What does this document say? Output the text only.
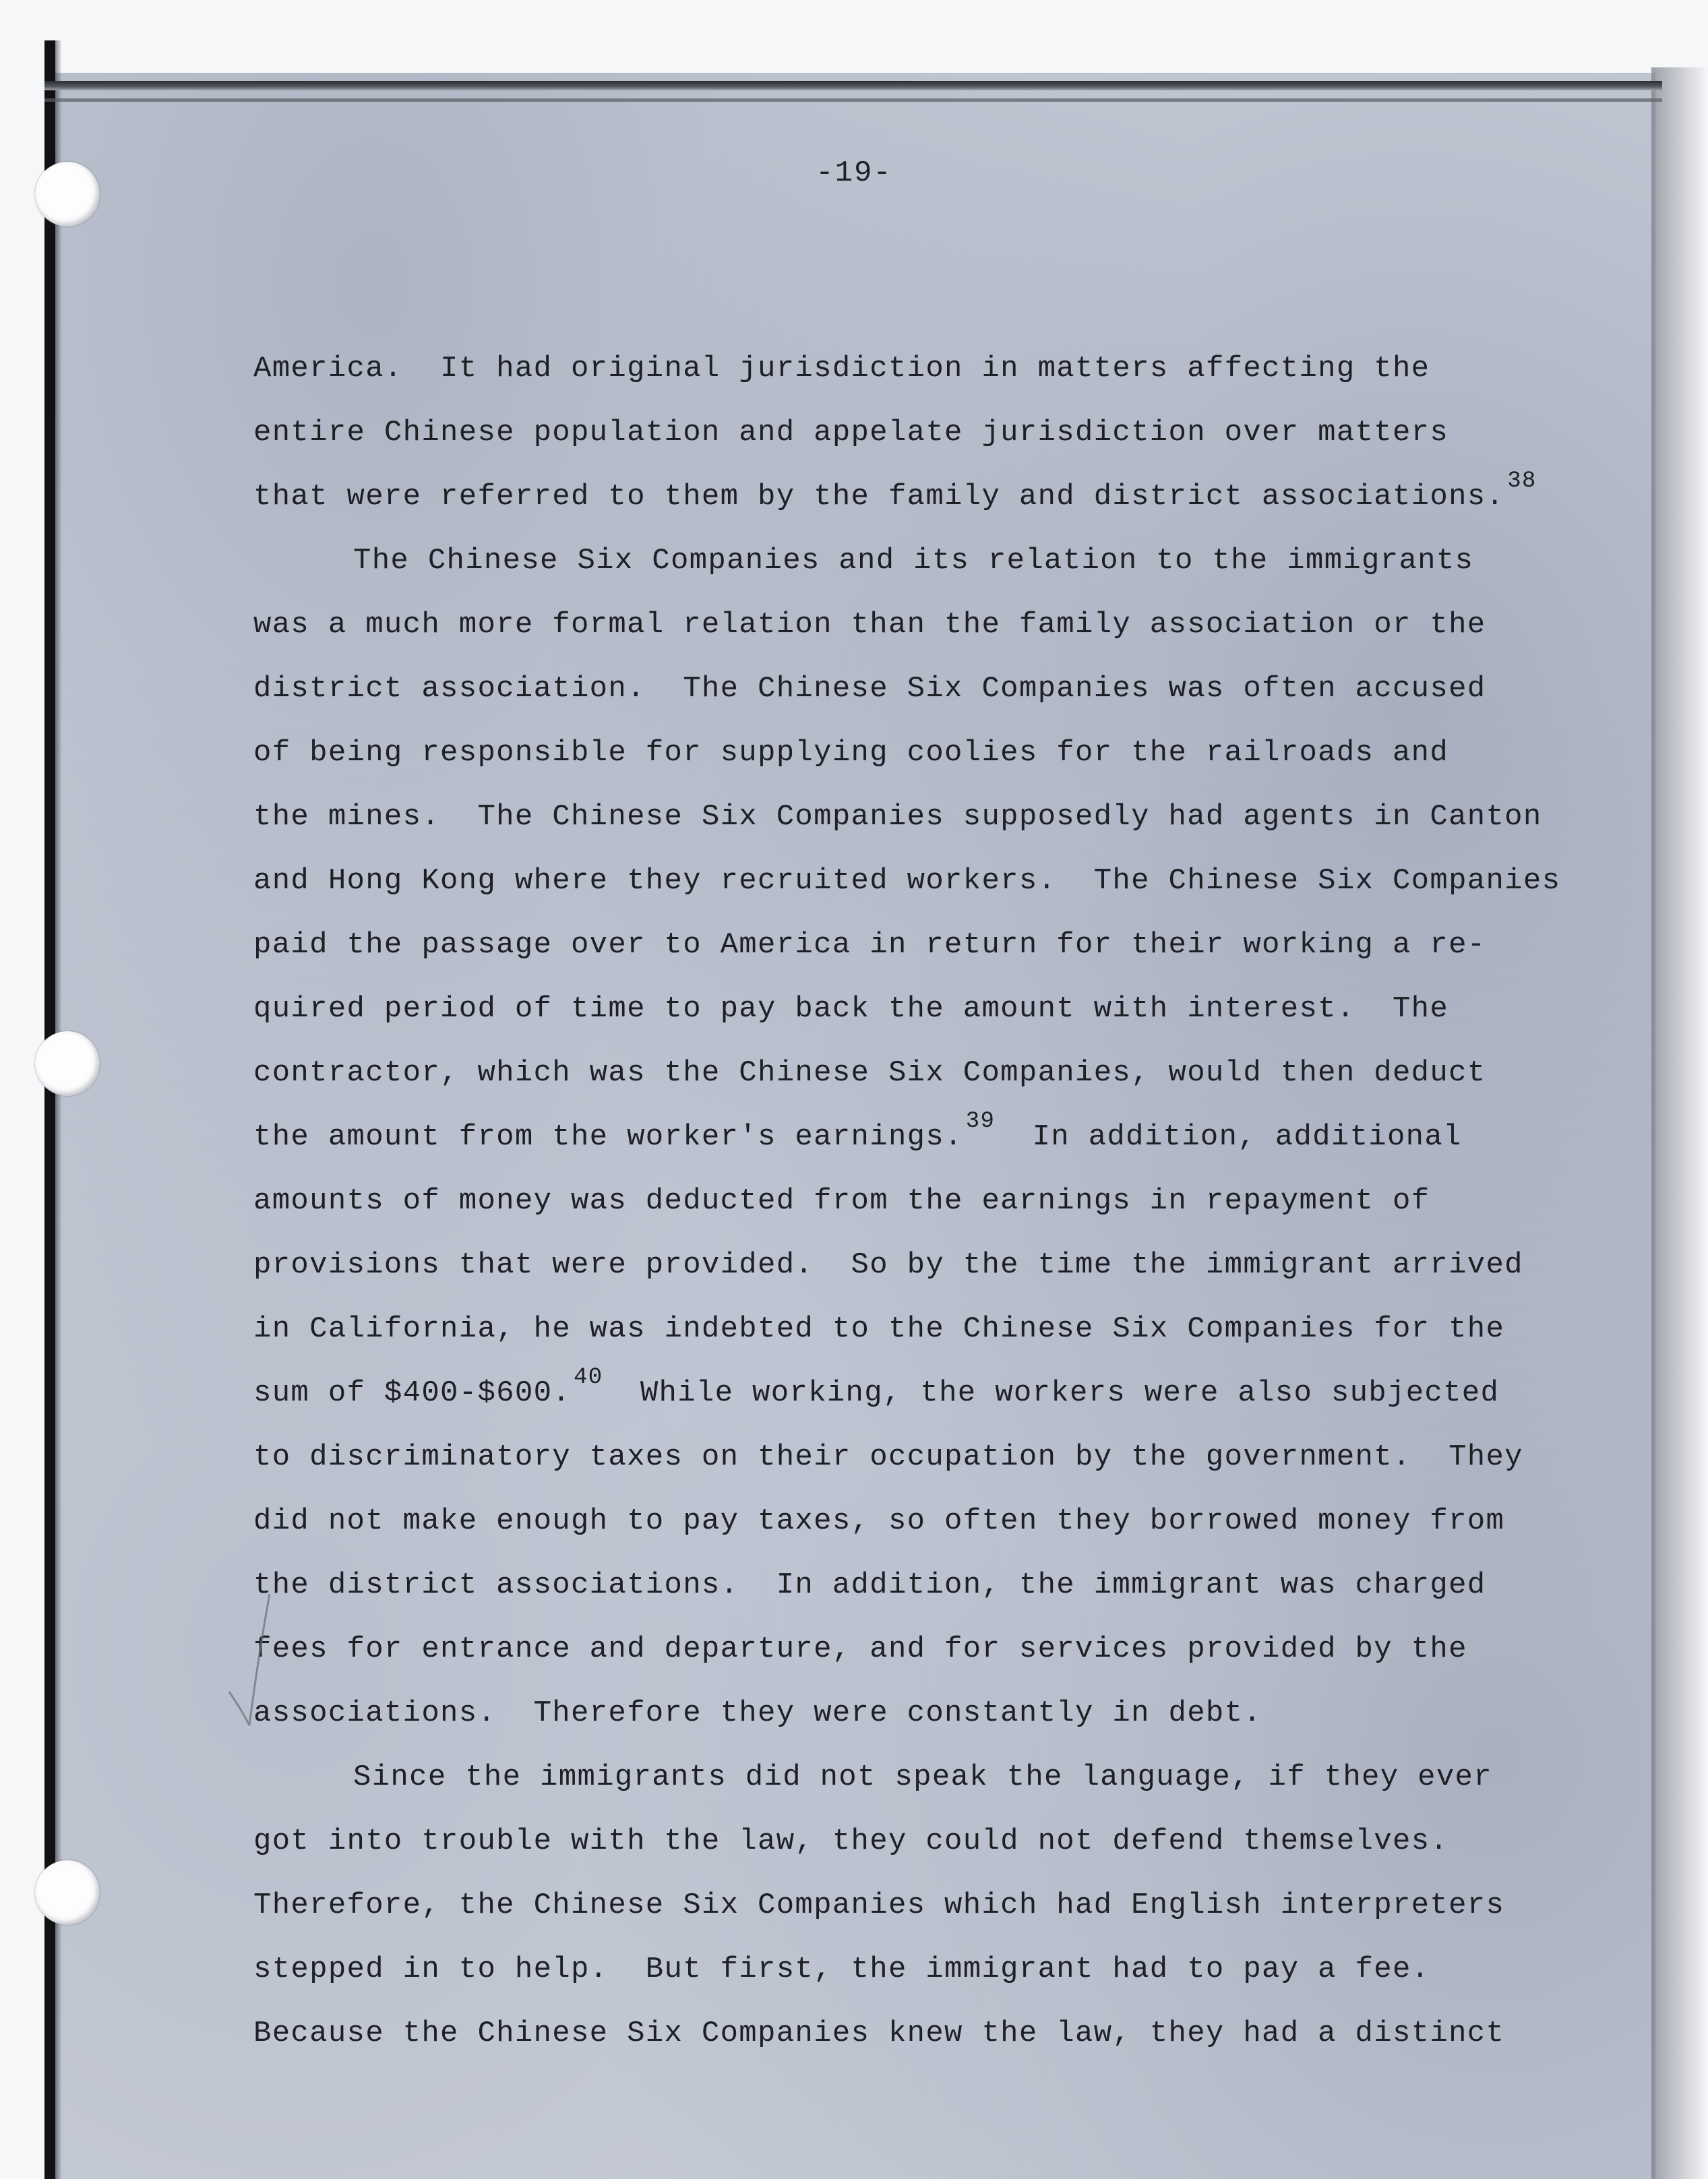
-19-
America.  It had original jurisdiction in matters affecting the
entire Chinese population and appelate jurisdiction over matters
that were referred to them by the family and district associations. $^{38}$
The Chinese Six Companies and its relation to the immigrants
was a much more formal relation than the family association or the
district association.  The Chinese Six Companies was often accused
of being responsible for supplying coolies for the railroads and
the mines.  The Chinese Six Companies supposedly had agents in Canton
and Hong Kong where they recruited workers.  The Chinese Six Companies
paid the passage over to America in return for their working a re-
quired period of time to pay back the amount with interest.  The
contractor, which was the Chinese Six Companies, would then deduct
the amount from the worker's earnings. $^{39}$  In addition, additional
amounts of money was deducted from the earnings in repayment of
provisions that were provided.  So by the time the immigrant arrived
in California, he was indebted to the Chinese Six Companies for the
sum of $400-$600. $^{40}$  While working, the workers were also subjected
to discriminatory taxes on their occupation by the government.  They
did not make enough to pay taxes, so often they borrowed money from
the district associations.  In addition, the immigrant was charged
fees for entrance and departure, and for services provided by the
associations.  Therefore they were constantly in debt.
Since the immigrants did not speak the language, if they ever
got into trouble with the law, they could not defend themselves.
Therefore, the Chinese Six Companies which had English interpreters
stepped in to help.  But first, the immigrant had to pay a fee.
Because the Chinese Six Companies knew the law, they had a distinct
